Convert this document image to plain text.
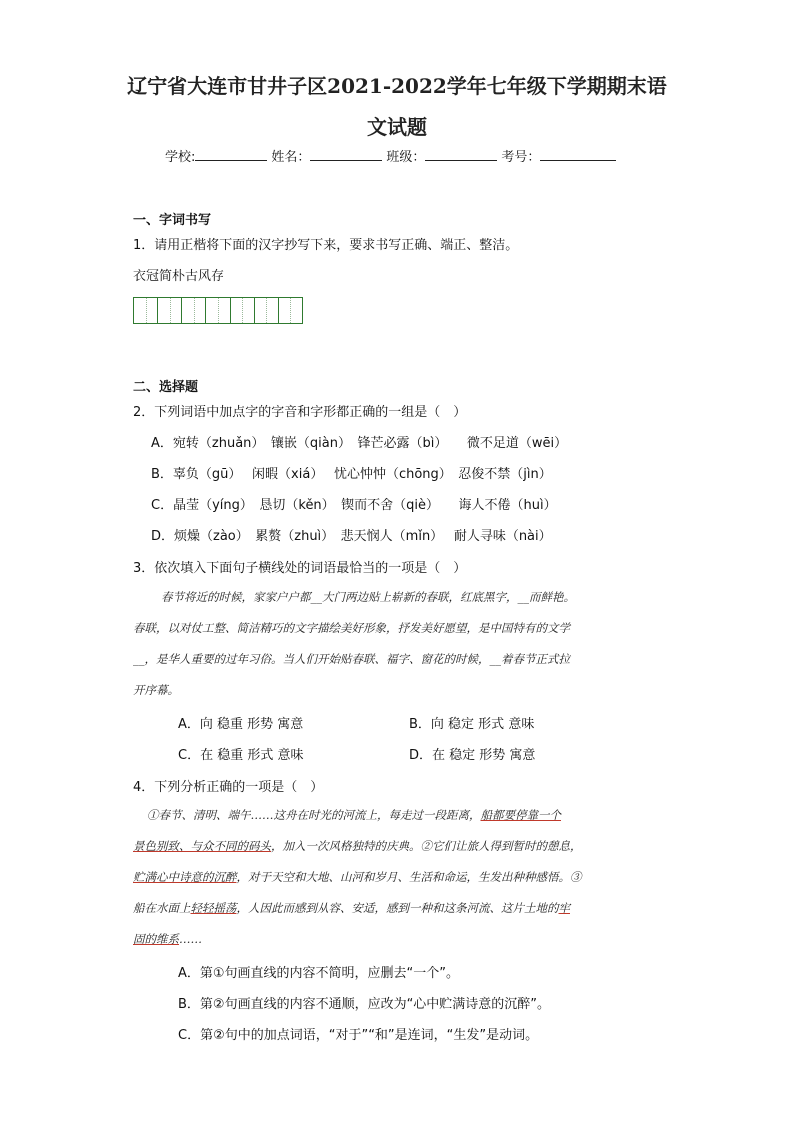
辽宁省大连市甘井子区2021-2022学年七年级下学期期末语
文试题
学校:	姓名：	班级：	考号：
一、字词书写
1．请用正楷将下面的汉字抄写下来，要求书写正确、端正、整洁。
衣冠简朴古风存
二、选择题
2．下列词语中加点字的字音和字形都正确的一组是（　）
A．宛转（zhuǎn）　镶嵌（qiàn）　锋芒必露（bì）　　微不足道（wēi）
B．辜负（gū）　 闲暇（xiá）　 忧心忡忡（chōng）　忍俊不禁（jìn）
C．晶莹（yíng）　恳切（kěn）　锲而不舍（qiè）　　诲人不倦（huì）
D．烦燥（zào）　累赘（zhuì）　悲天悯人（mǐn）　 耐人寻味（nài）
3．依次填入下面句子横线处的词语最恰当的一项是（　）
春节将近的时候，家家户户都__大门两边贴上崭新的春联，红底黑字，__而鲜艳。
春联，以对仗工整、简洁精巧的文字描绘美好形象，抒发美好愿望，是中国特有的文学
__，是华人重要的过年习俗。当人们开始贴春联、福字、窗花的时候，__着春节正式拉
开序幕。
A．向 稳重 形势 寓意	B．向 稳定 形式 意味
C．在 稳重 形式 意味	D．在 稳定 形势 寓意
4．下列分析正确的一项是（　）
①春节、清明、端午……这舟在时光的河流上，每走过一段距离，船都要停靠一个
景色别致、与众不同的码头，加入一次风格独特的庆典。②它们让旅人得到暂时的憩息，
贮满心中诗意的沉醉，对于天空和大地、山河和岁月、生活和命运，生发出种种感悟。③
船在水面上轻轻摇荡，人因此而感到从容、安适，感到一种和这条河流、这片土地的牢
固的维系……
A．第①句画直线的内容不简明，应删去“一个”。
B．第②句画直线的内容不通顺，应改为“心中贮满诗意的沉醉”。
C．第②句中的加点词语，“对于”“和”是连词，“生发”是动词。
